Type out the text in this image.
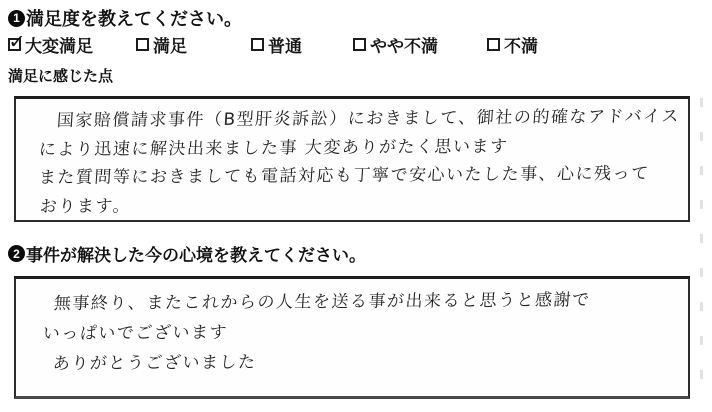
1 満足度を教えてください。
✓ 大変満足	満足	普通	やや不満	不満
満足に感じた点
国家賠償請求事件（B型肝炎訴訟）におきまして、御社の的確なアドバイス
により迅速に解決出来ました事 大変ありがたく思います
また質問等におきましても電話対応も丁寧で安心いたした事、心に残って
おります。
2 事件が解決した今の心境を教えてください。
無事終り、またこれからの人生を送る事が出来ると思うと感謝で
いっぱいでございます
ありがとうございました
